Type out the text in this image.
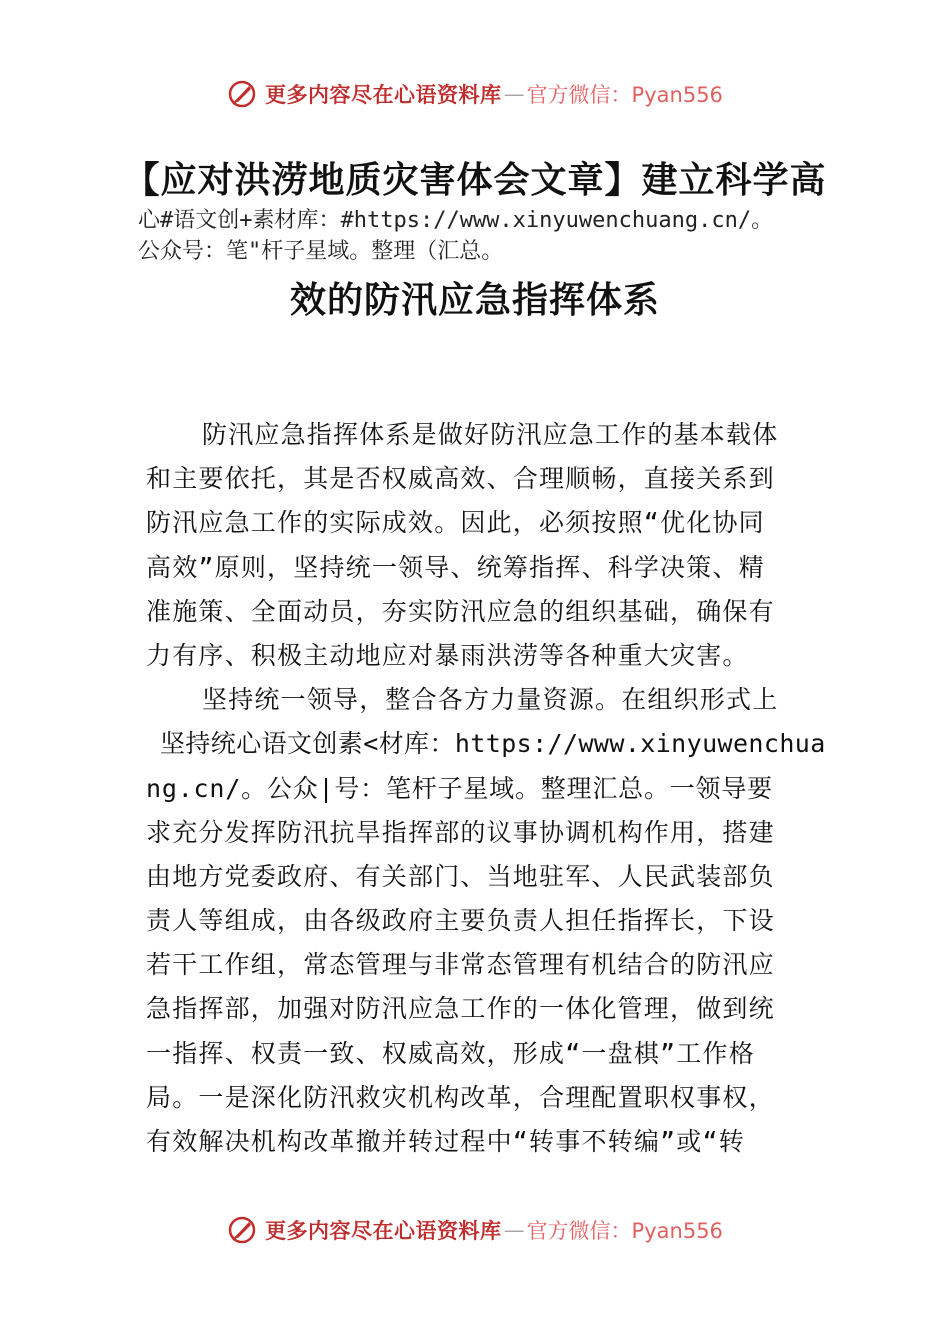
更多内容尽在心语资料库 — 官方微信：Pyan556
【应对洪涝地质灾害体会文章】建立科学高
心#语文创+素材库：#https://www.xinyuwenchuang.cn/。
公众号：笔"杆子星域。整理（汇总。
效的防汛应急指挥体系
防汛应急指挥体系是做好防汛应急工作的基本载体
和主要依托，其是否权威高效、合理顺畅，直接关系到
防汛应急工作的实际成效。因此，必须按照“优化协同
高效”原则，坚持统一领导、统筹指挥、科学决策、精
准施策、全面动员，夯实防汛应急的组织基础，确保有
力有序、积极主动地应对暴雨洪涝等各种重大灾害。
坚持统一领导，整合各方力量资源。在组织形式上
坚持统心语文创素<材库：https://www.xinyuwenchua
ng.cn/。公众|号：笔杆子星域。整理汇总。一领导要
求充分发挥防汛抗旱指挥部的议事协调机构作用，搭建
由地方党委政府、有关部门、当地驻军、人民武装部负
责人等组成，由各级政府主要负责人担任指挥长，下设
若干工作组，常态管理与非常态管理有机结合的防汛应
急指挥部，加强对防汛应急工作的一体化管理，做到统
一指挥、权责一致、权威高效，形成“一盘棋”工作格
局。一是深化防汛救灾机构改革，合理配置职权事权，
有效解决机构改革撤并转过程中“转事不转编”或“转
更多内容尽在心语资料库 — 官方微信：Pyan556
